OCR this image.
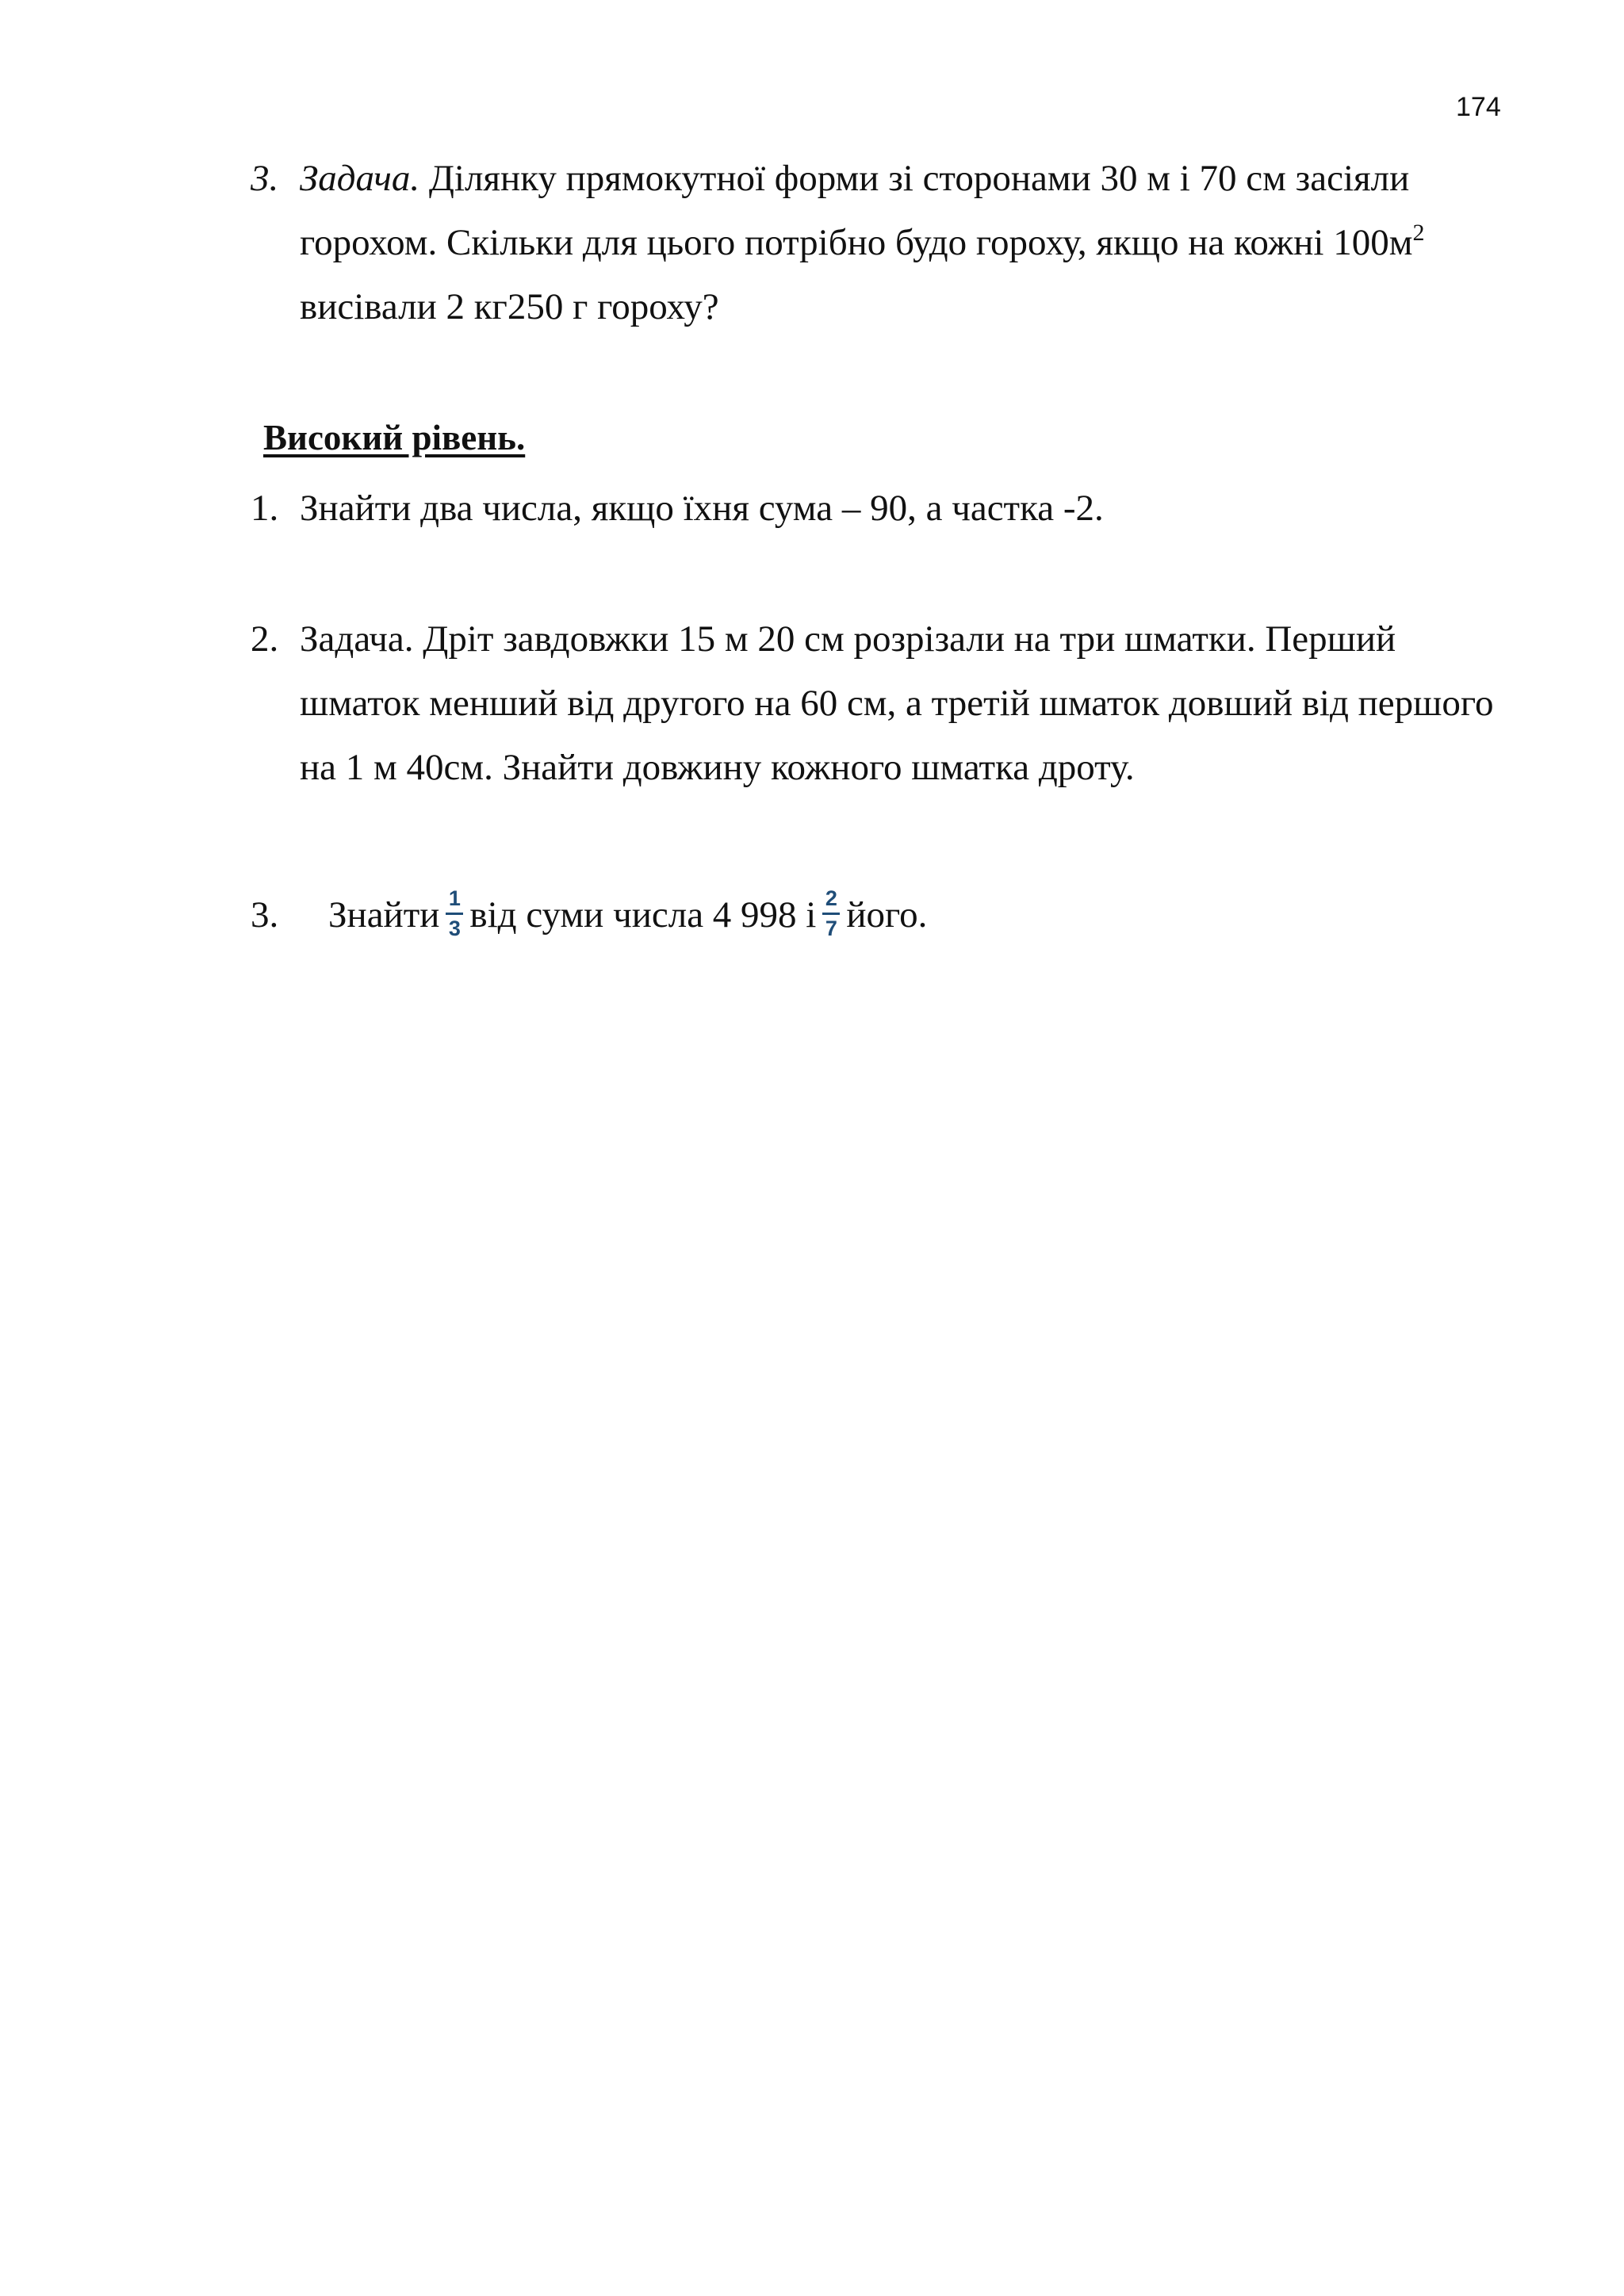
174
3. Задача. Ділянку прямокутної форми зі сторонами 30 м і 70 см засіяли
горохом. Скільки для цього потрібно будо гороху, якщо на кожні $100м^2$
висівали 2 кг250 г гороху?
Високий рівень.
1. Знайти два числа, якщо їхня сума – 90, а частка -2.
2. Задача. Дріт завдовжки 15 м 20 см розрізали на три шматки. Перший
шматок менший від другого на 60 см, а третій шматок довший від першого
на 1 м 40см. Знайти довжину кожного шматка дроту.
3. Знайти $\frac{1}{3}$ від суми числа 4 998 і $\frac{2}{7}$ його.
